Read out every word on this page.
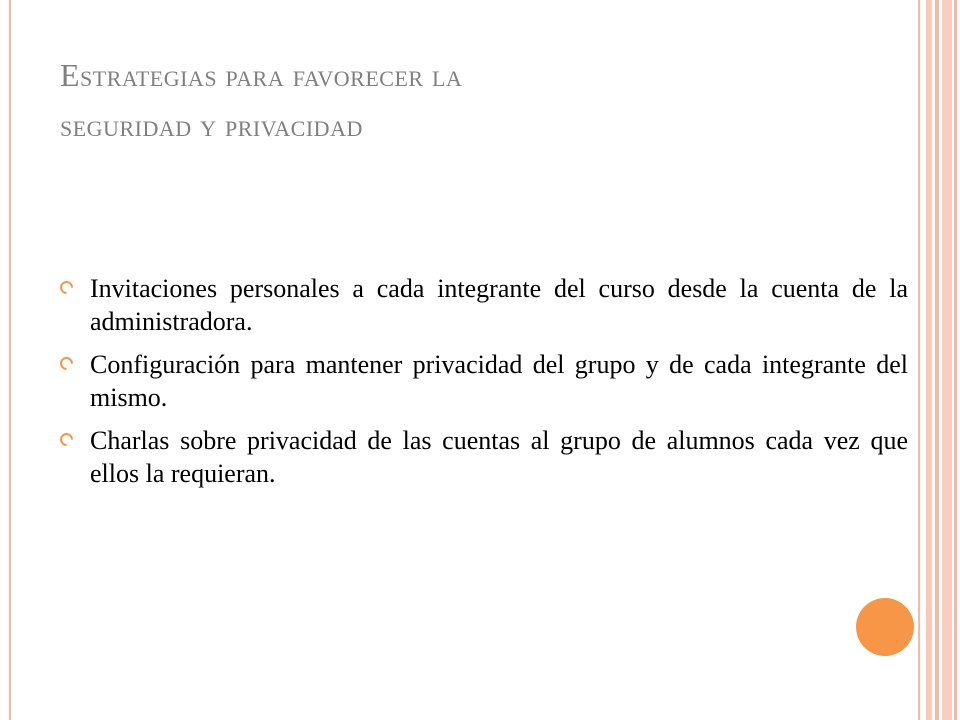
Estrategias para favorecer la
seguridad y privacidad
Invitaciones personales a cada integrante del curso desde la cuenta de la administradora.
Configuración para mantener privacidad del grupo y de cada integrante del mismo.
Charlas sobre privacidad de las cuentas al grupo de alumnos cada vez que ellos la requieran.
